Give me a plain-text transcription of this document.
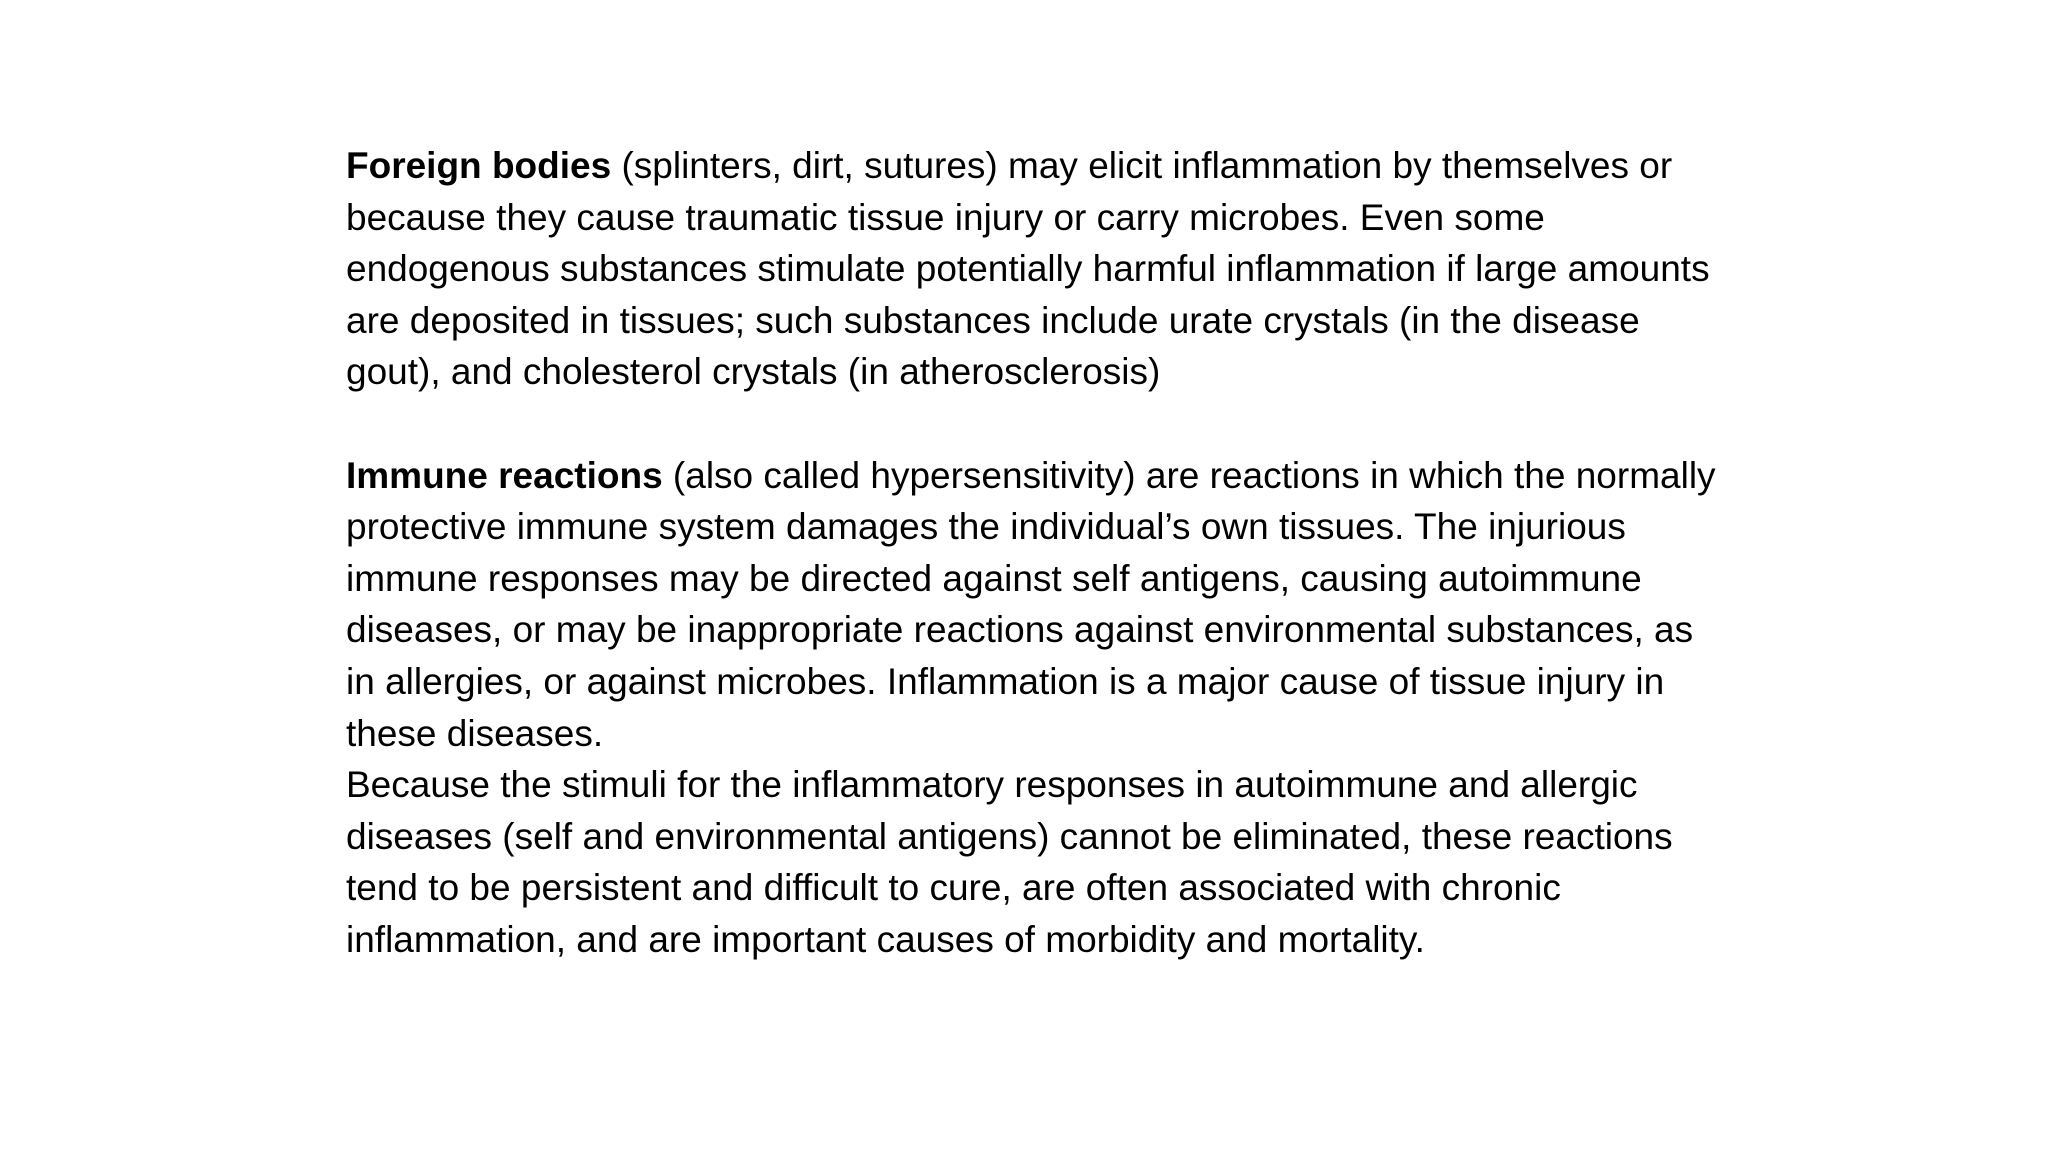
Foreign bodies (splinters, dirt, sutures) may elicit inflammation by themselves or because they cause traumatic tissue injury or carry microbes. Even some endogenous substances stimulate potentially harmful inflammation if large amounts are deposited in tissues; such substances include urate crystals (in the disease gout), and cholesterol crystals (in atherosclerosis)

Immune reactions (also called hypersensitivity) are reactions in which the normally protective immune system damages the individual’s own tissues. The injurious immune responses may be directed against self antigens, causing autoimmune diseases, or may be inappropriate reactions against environmental substances, as in allergies, or against microbes. Inflammation is a major cause of tissue injury in these diseases.

Because the stimuli for the inflammatory responses in autoimmune and allergic diseases (self and environmental antigens) cannot be eliminated, these reactions tend to be persistent and difficult to cure, are often associated with chronic inflammation, and are important causes of morbidity and mortality.
